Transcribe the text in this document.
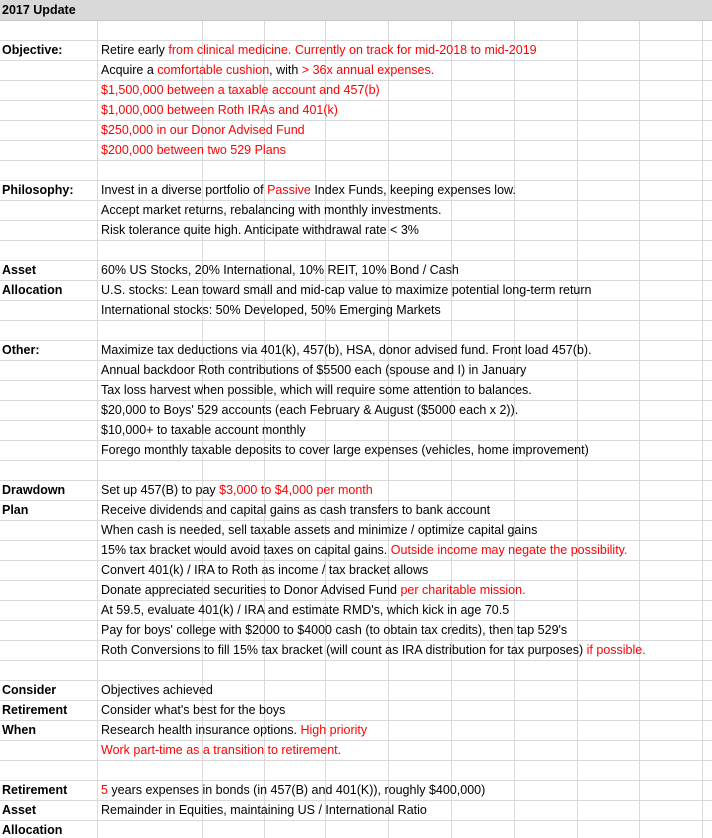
2017 Update
Objective:
Philosophy:
Asset
Allocation
Other:
Drawdown
Plan
Consider
Retirement
When
Retirement
Asset
Allocation
Retire early from clinical medicine. Currently on track for mid-2018 to mid-2019
Acquire a comfortable cushion, with > 36x annual expenses.
$1,500,000 between a taxable account and 457(b)
$1,000,000 between Roth IRAs and 401(k)
$250,000 in our Donor Advised Fund
$200,000 between two 529 Plans
Invest in a diverse portfolio of Passive Index Funds, keeping expenses low.
Accept market returns, rebalancing with monthly investments.
Risk tolerance quite high. Anticipate withdrawal rate < 3%
60% US Stocks, 20% International, 10% REIT, 10% Bond / Cash
U.S. stocks: Lean toward small and mid-cap value to maximize potential long-term return
International stocks: 50% Developed, 50% Emerging Markets
Maximize tax deductions via 401(k), 457(b), HSA, donor advised fund. Front load 457(b).
Annual backdoor Roth contributions of $5500 each (spouse and I) in January
Tax loss harvest when possible, which will require some attention to balances.
$20,000 to Boys' 529 accounts (each February & August ($5000 each x 2)).
$10,000+ to taxable account monthly
Forego monthly taxable deposits to cover large expenses (vehicles, home improvement)
Set up 457(B) to pay $3,000 to $4,000 per month
Receive dividends and capital gains as cash transfers to bank account
When cash is needed, sell taxable assets and minimize / optimize capital gains
15% tax bracket would avoid taxes on capital gains. Outside income may negate the possibility.
Convert 401(k) / IRA to Roth as income / tax bracket allows
Donate appreciated securities to Donor Advised Fund per charitable mission.
At 59.5, evaluate 401(k) / IRA and estimate RMD's, which kick in age 70.5
Pay for boys' college with $2000 to $4000 cash (to obtain tax credits), then tap 529's
Roth Conversions to fill 15% tax bracket (will count as IRA distribution for tax purposes) if possible.
Objectives achieved
Consider what's best for the boys
Research health insurance options. High priority
Work part-time as a transition to retirement.
5 years expenses in bonds (in 457(B) and 401(K)), roughly $400,000)
Remainder in Equities, maintaining US / International Ratio
